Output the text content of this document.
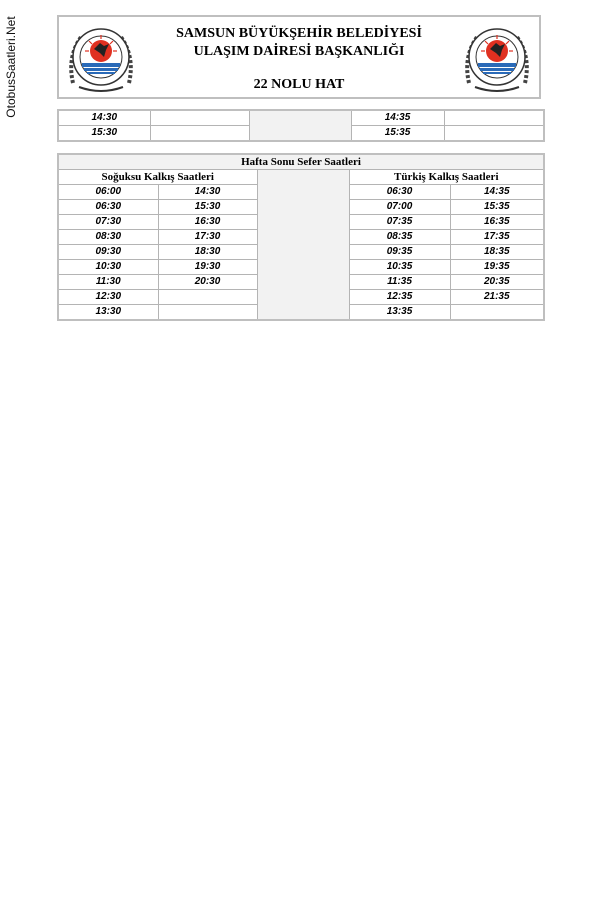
OtobusSaatleri.Net	SAMSUN BÜYÜKŞEHİR BELEDİYESİ
ULAŞIM DAİRESİ BAŞKANLIĞI
22 NOLU HAT
14:30			14:35	
15:30			15:35	
Hafta Sonu Sefer Saatleri				
Soğuksu Kalkış Saatleri			Türkiş Kalkış Saatleri	
06:00	14:30		06:30	14:35
06:30	15:30		07:00	15:35
07:30	16:30		07:35	16:35
08:30	17:30		08:35	17:35
09:30	18:30		09:35	18:35
10:30	19:30		10:35	19:35
11:30	20:30		11:35	20:35
12:30			12:35	21:35
13:30			13:35	
